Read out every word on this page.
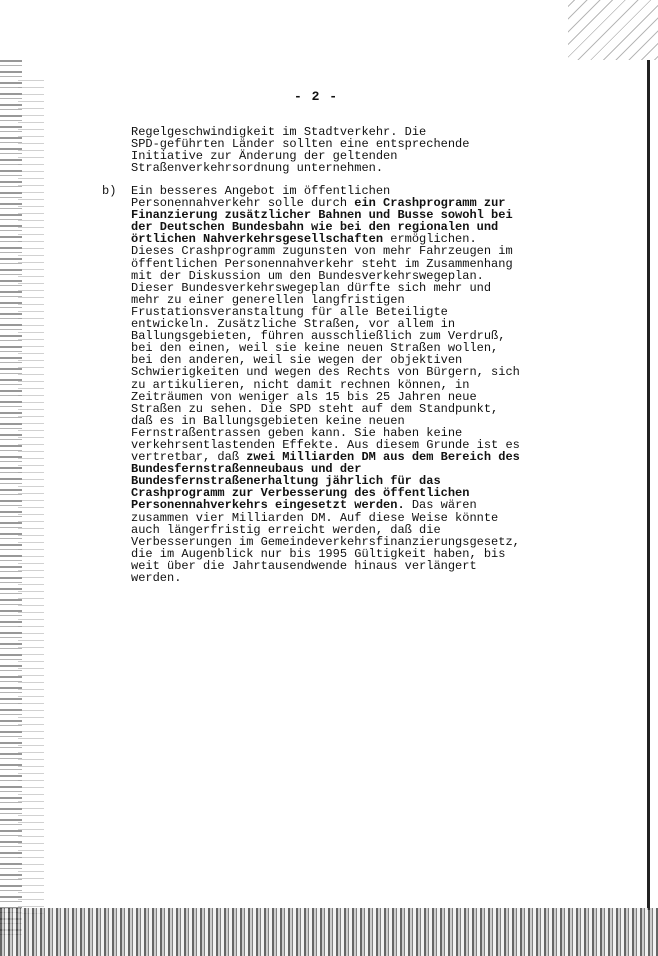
- 2 -
Regelgeschwindigkeit im Stadtverkehr. Die
SPD-geführten Länder sollten eine entsprechende
Initiative zur Änderung der geltenden
Straßenverkehrsordnung unternehmen.
b) Ein besseres Angebot im öffentlichen
Personennahverkehr solle durch ein Crashprogramm zur
Finanzierung zusätzlicher Bahnen und Busse sowohl bei
der Deutschen Bundesbahn wie bei den regionalen und
örtlichen Nahverkehrsgesellschaften ermöglichen.
Dieses Crashprogramm zugunsten von mehr Fahrzeugen im
öffentlichen Personennahverkehr steht im Zusammenhang
mit der Diskussion um den Bundesverkehrswegeplan.
Dieser Bundesverkehrswegeplan dürfte sich mehr und
mehr zu einer generellen langfristigen
Frustationsveranstaltung für alle Beteiligte
entwickeln. Zusätzliche Straßen, vor allem in
Ballungsgebieten, führen ausschließlich zum Verdruß,
bei den einen, weil sie keine neuen Straßen wollen,
bei den anderen, weil sie wegen der objektiven
Schwierigkeiten und wegen des Rechts von Bürgern, sich
zu artikulieren, nicht damit rechnen können, in
Zeiträumen von weniger als 15 bis 25 Jahren neue
Straßen zu sehen. Die SPD steht auf dem Standpunkt,
daß es in Ballungsgebieten keine neuen
Fernstraßentrassen geben kann. Sie haben keine
verkehrsentlastenden Effekte. Aus diesem Grunde ist es
vertretbar, daß zwei Milliarden DM aus dem Bereich des
Bundesfernstraßenneubaus und der
Bundesfernstraßenerhaltung jährlich für das
Crashprogramm zur Verbesserung des öffentlichen
Personennahverkehrs eingesetzt werden. Das wären
zusammen vier Milliarden DM. Auf diese Weise könnte
auch längerfristig erreicht werden, daß die
Verbesserungen im Gemeindeverkehrsfinanzierungsgesetz,
die im Augenblick nur bis 1995 Gültigkeit haben, bis
weit über die Jahrtausendwende hinaus verlängert
werden.
